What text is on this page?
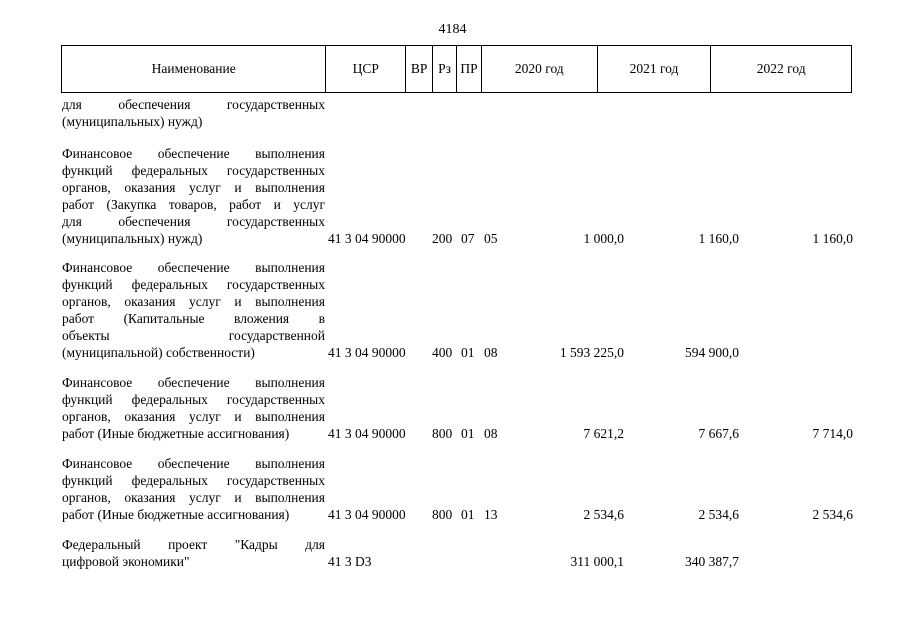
4184
Наименование	ЦСР	ВР Рз ПР	2020 год	2021 год	2022 год
для обеспечения государственных
(муниципальных) нужд)
Финансовое обеспечение выполнения
функций федеральных государственных
органов, оказания услуг и выполнения
работ (Закупка товаров, работ и услуг
для обеспечения государственных
(муниципальных) нужд)	41 3 04 90000 200 07 05	1 000,0	1 160,0	1 160,0
Финансовое обеспечение выполнения
функций федеральных государственных
органов, оказания услуг и выполнения
работ (Капитальные вложения в
объекты государственной
(муниципальной) собственности)	41 3 04 90000 400 01 08	1 593 225,0	594 900,0
Финансовое обеспечение выполнения
функций федеральных государственных
органов, оказания услуг и выполнения
работ (Иные бюджетные ассигнования)	41 3 04 90000 800 01 08	7 621,2	7 667,6	7 714,0
Финансовое обеспечение выполнения
функций федеральных государственных
органов, оказания услуг и выполнения
работ (Иные бюджетные ассигнования)	41 3 04 90000 800 01 13	2 534,6	2 534,6	2 534,6
Федеральный проект "Кадры для
цифровой экономики"	41 3 D3	311 000,1	340 387,7
